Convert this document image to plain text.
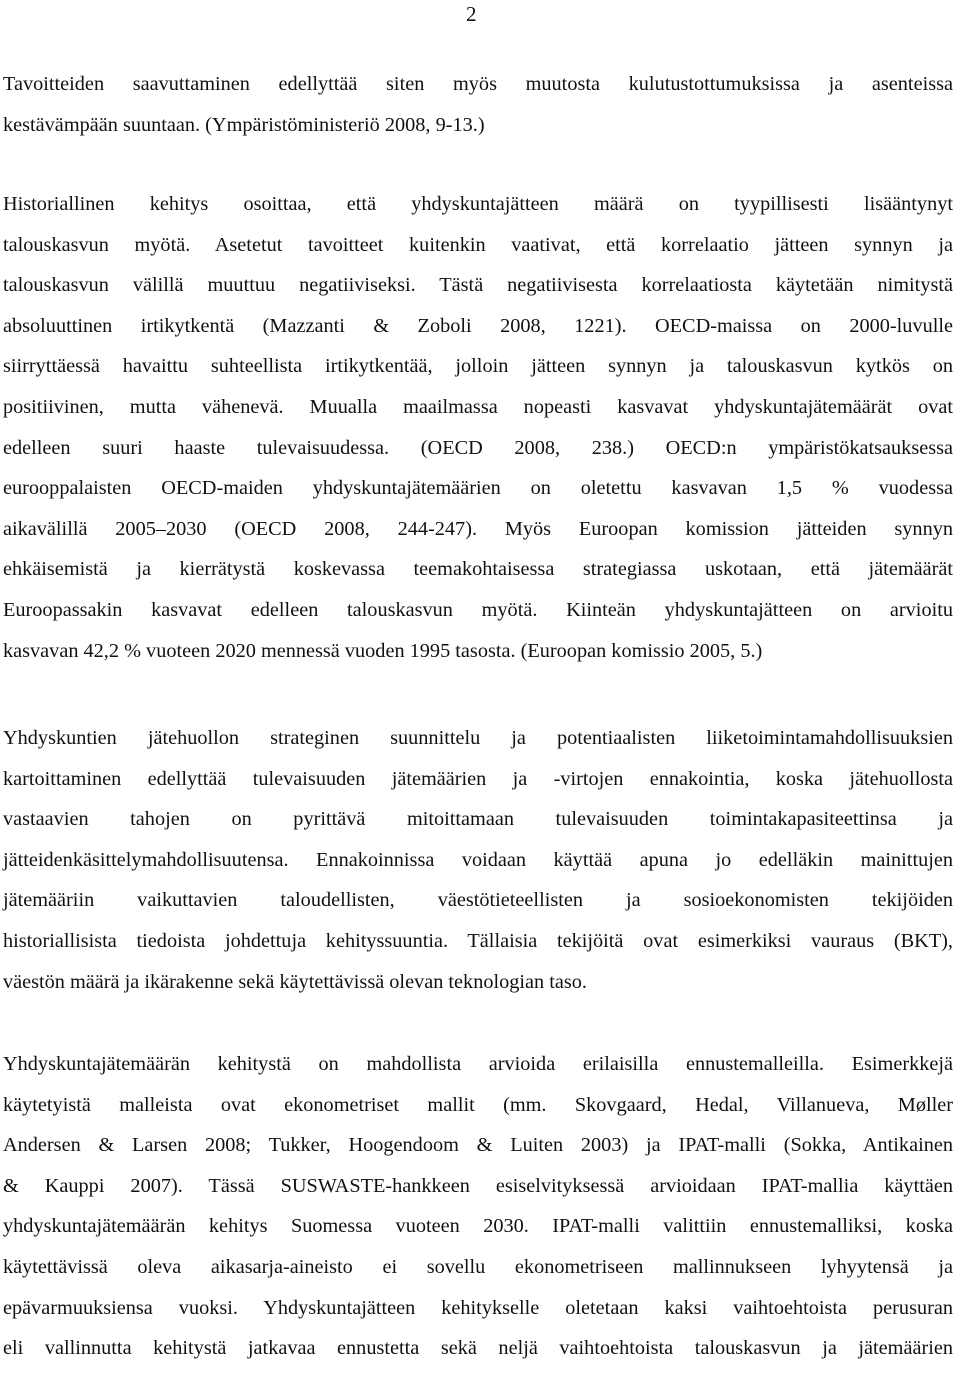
2
Tavoitteiden saavuttaminen edellyttää siten myös muutosta kulutustottumuksissa ja asenteissa
kestävämpään suuntaan. (Ympäristöministeriö 2008, 9-13.)
Historiallinen kehitys osoittaa, että yhdyskuntajätteen määrä on tyypillisesti lisääntynyt
talouskasvun myötä. Asetetut tavoitteet kuitenkin vaativat, että korrelaatio jätteen synnyn ja
talouskasvun välillä muuttuu negatiiviseksi. Tästä negatiivisesta korrelaatiosta käytetään nimitystä
absoluuttinen irtikytkentä (Mazzanti & Zoboli 2008, 1221). OECD-maissa on 2000-luvulle
siirryttäessä havaittu suhteellista irtikytkentää, jolloin jätteen synnyn ja talouskasvun kytkös on
positiivinen, mutta vähenevä. Muualla maailmassa nopeasti kasvavat yhdyskuntajätemäärät ovat
edelleen suuri haaste tulevaisuudessa. (OECD 2008, 238.) OECD:n ympäristökatsauksessa
eurooppalaisten OECD-maiden yhdyskuntajätemäärien on oletettu kasvavan 1,5 % vuodessa
aikavälillä 2005–2030 (OECD 2008, 244-247). Myös Euroopan komission jätteiden synnyn
ehkäisemistä ja kierrätystä koskevassa teemakohtaisessa strategiassa uskotaan, että jätemäärät
Euroopassakin kasvavat edelleen talouskasvun myötä. Kiinteän yhdyskuntajätteen on arvioitu
kasvavan 42,2 % vuoteen 2020 mennessä vuoden 1995 tasosta. (Euroopan komissio 2005, 5.)
Yhdyskuntien jätehuollon strateginen suunnittelu ja potentiaalisten liiketoimintamahdollisuuksien
kartoittaminen edellyttää tulevaisuuden jätemäärien ja -virtojen ennakointia, koska jätehuollosta
vastaavien tahojen on pyrittävä mitoittamaan tulevaisuuden toimintakapasiteettinsa ja
jätteidenkäsittelymahdollisuutensa. Ennakoinnissa voidaan käyttää apuna jo edelläkin mainittujen
jätemääriin vaikuttavien taloudellisten, väestötieteellisten ja sosioekonomisten tekijöiden
historiallisista tiedoista johdettuja kehityssuuntia. Tällaisia tekijöitä ovat esimerkiksi vauraus (BKT),
väestön määrä ja ikärakenne sekä käytettävissä olevan teknologian taso.
Yhdyskuntajätemäärän kehitystä on mahdollista arvioida erilaisilla ennustemalleilla. Esimerkkejä
käytetyistä malleista ovat ekonometriset mallit (mm. Skovgaard, Hedal, Villanueva, Møller
Andersen & Larsen 2008; Tukker, Hoogendoom & Luiten 2003) ja IPAT-malli (Sokka, Antikainen
& Kauppi 2007). Tässä SUSWASTE-hankkeen esiselvityksessä arvioidaan IPAT-mallia käyttäen
yhdyskuntajätemäärän kehitys Suomessa vuoteen 2030. IPAT-malli valittiin ennustemalliksi, koska
käytettävissä oleva aikasarja-aineisto ei sovellu ekonometriseen mallinnukseen lyhyytensä ja
epävarmuuksiensa vuoksi. Yhdyskuntajätteen kehitykselle oletetaan kaksi vaihtoehtoista perusuran
eli vallinnutta kehitystä jatkavaa ennustetta sekä neljä vaihtoehtoista talouskasvun ja jätemäärien
